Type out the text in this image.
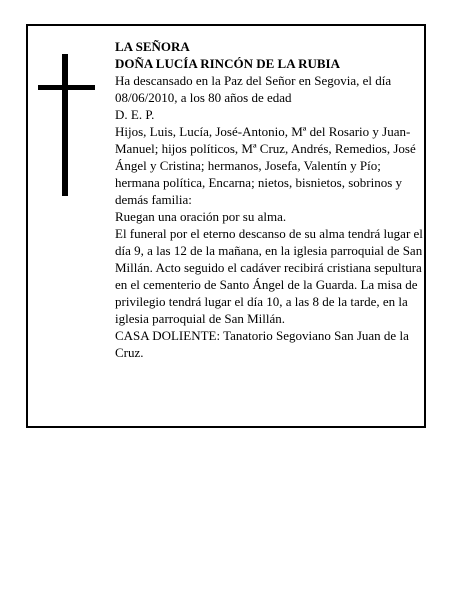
LA SEÑORA
DOÑA LUCÍA RINCÓN DE LA RUBIA
Ha descansado en la Paz del Señor en Segovia, el día 08/06/2010, a los 80 años de edad
D. E. P.
Hijos, Luis, Lucía, José-Antonio, Mª del Rosario y Juan-Manuel; hijos políticos, Mª Cruz, Andrés, Remedios, José Ángel y Cristina; hermanos, Josefa, Valentín y Pío; hermana política, Encarna; nietos, bisnietos, sobrinos y demás familia:
Ruegan una oración por su alma.
El funeral por el eterno descanso de su alma tendrá lugar el día 9, a las 12 de la mañana, en la iglesia parroquial de San Millán. Acto seguido el cadáver recibirá cristiana sepultura en el cementerio de Santo Ángel de la Guarda. La misa de privilegio tendrá lugar el día 10, a las 8 de la tarde, en la iglesia parroquial de San Millán.
CASA DOLIENTE: Tanatorio Segoviano San Juan de la Cruz.
